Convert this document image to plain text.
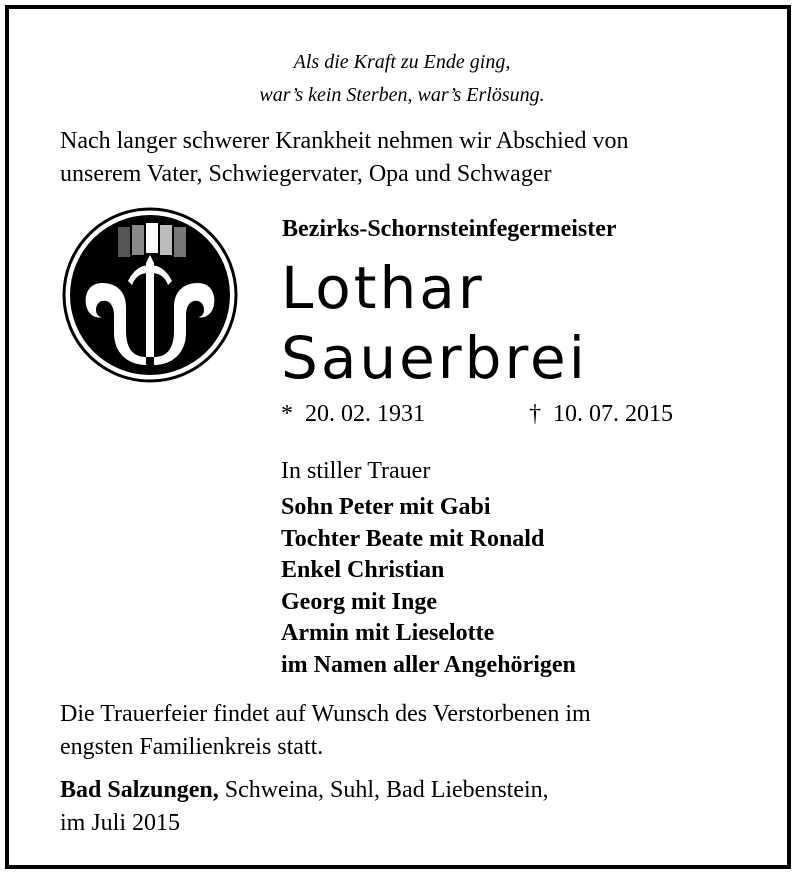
Als die Kraft zu Ende ging,
war’s kein Sterben, war’s Erlösung.
Nach langer schwerer Krankheit nehmen wir Abschied von
unserem Vater, Schwiegervater, Opa und Schwager
Bezirks-Schornsteinfegermeister
Lothar
Sauerbrei
* 20. 02. 1931	† 10. 07. 2015
In stiller Trauer
Sohn Peter mit Gabi
Tochter Beate mit Ronald
Enkel Christian
Georg mit Inge
Armin mit Lieselotte
im Namen aller Angehörigen
Die Trauerfeier findet auf Wunsch des Verstorbenen im
engsten Familienkreis statt.
Bad Salzungen, Schweina, Suhl, Bad Liebenstein,
im Juli 2015
